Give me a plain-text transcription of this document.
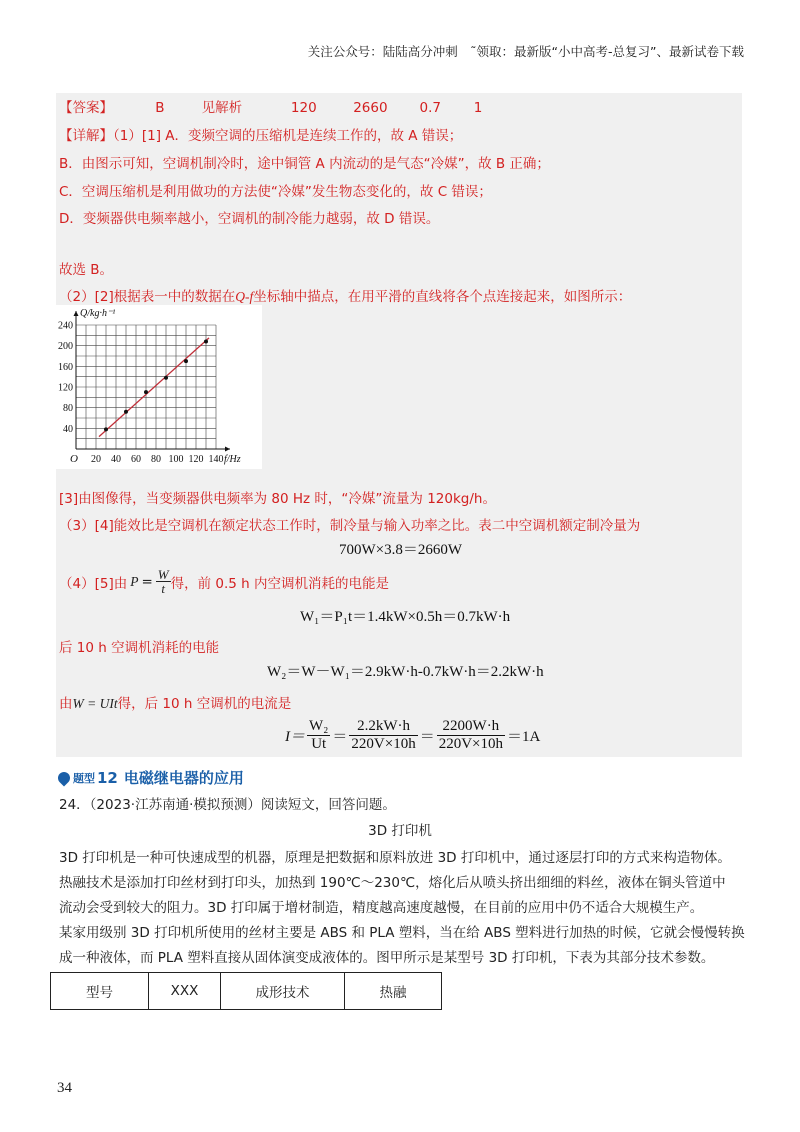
关注公众号：陆陆高分冲刺　˜领取：最新版“小中高考-总复习”、最新试卷下载
【答案】	B	见解析	120	2660 0.7 1
【详解】（1）[1] A．变频空调的压缩机是连续工作的，故 A 错误；
B．由图示可知，空调机制冷时，途中铜管 A 内流动的是气态“冷媒”，故 B 正确；
C．空调压缩机是利用做功的方法使“冷媒”发生物态变化的，故 C 错误；
D．变频器供电频率越小，空调机的制冷能力越弱，故 D 错误。
故选 B。
（2）[2]根据表一中的数据在Q-f坐标轴中描点，在用平滑的直线将各个点连接起来，如图所示：
20 40 60 80 100 120 140
40
80
120
160
200
240
O	f/Hz
Q/kg·h⁻¹
[3]由图像得，当变频器供电频率为 80 Hz 时，“冷媒”流量为 120kg/h。
（3）[4]能效比是空调机在额定状态工作时，制冷量与输入功率之比。表二中空调机额定制冷量为
700W×3.8＝2660W
（4）[5]由 $P = \frac{W}{t}$ 得，前 0.5 h 内空调机消耗的电能是
W₁＝P₁t＝1.4kW×0.5h＝0.7kW·h
后 10 h 空调机消耗的电能
W₂＝W－W₁＝2.9kW·h-0.7kW·h＝2.2kW·h
由W = UIt得，后 10 h 空调机的电流是
$I= \frac{\text{W₂}}{Ut} = \frac{2.2kW\cdot h}{220V\times 10h} = \frac{2200W\cdot h}{220V\times 10h} =1A$
题型 12 电磁继电器的应用
24．（2023·江苏南通·模拟预测）阅读短文，回答问题。
3D 打印机
3D 打印机是一种可快速成型的机器，原理是把数据和原料放进 3D 打印机中，通过逐层打印的方式来构造物体。
热融技术是添加打印丝材到打印头，加热到 190℃～230℃，熔化后从喷头挤出细细的料丝，液体在铜头管道中
流动会受到较大的阻力。3D 打印属于增材制造，精度越高速度越慢，在目前的应用中仍不适合大规模生产。
某家用级别 3D 打印机所使用的丝材主要是 ABS 和 PLA 塑料，当在给 ABS 塑料进行加热的时候，它就会慢慢转换
成一种液体，而 PLA 塑料直接从固体演变成液体的。图甲所示是某型号 3D 打印机，下表为其部分技术参数。
型号	XXX	成形技术	热融
34
